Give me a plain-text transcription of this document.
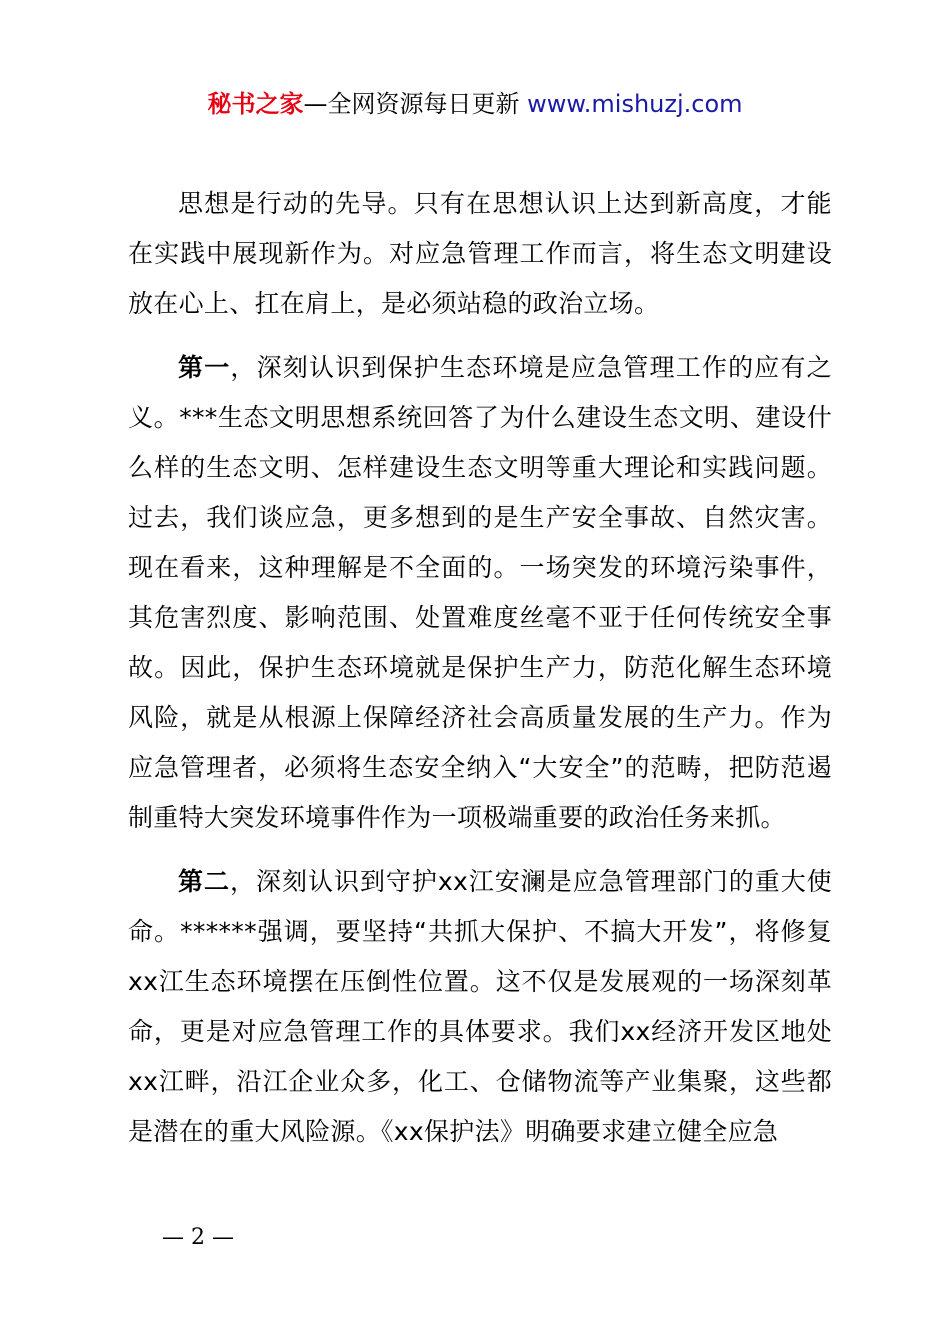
秘书之家—全网资源每日更新 www.mishuzj.com

思想是行动的先导。只有在思想认识上达到新高度，才能在实践中展现新作为。对应急管理工作而言，将生态文明建设放在心上、扛在肩上，是必须站稳的政治立场。

第一，深刻认识到保护生态环境是应急管理工作的应有之义。***生态文明思想系统回答了为什么建设生态文明、建设什么样的生态文明、怎样建设生态文明等重大理论和实践问题。过去，我们谈应急，更多想到的是生产安全事故、自然灾害。现在看来，这种理解是不全面的。一场突发的环境污染事件，其危害烈度、影响范围、处置难度丝毫不亚于任何传统安全事故。因此，保护生态环境就是保护生产力，防范化解生态环境风险，就是从根源上保障经济社会高质量发展的生产力。作为应急管理者，必须将生态安全纳入“大安全”的范畴，把防范遏制重特大突发环境事件作为一项极端重要的政治任务来抓。

第二，深刻认识到守护xx江安澜是应急管理部门的重大使命。******强调，要坚持“共抓大保护、不搞大开发”，将修复xx江生态环境摆在压倒性位置。这不仅是发展观的一场深刻革命，更是对应急管理工作的具体要求。我们xx经济开发区地处xx江畔，沿江企业众多，化工、仓储物流等产业集聚，这些都是潜在的重大风险源。《xx保护法》明确要求建立健全应急

— 2 —
